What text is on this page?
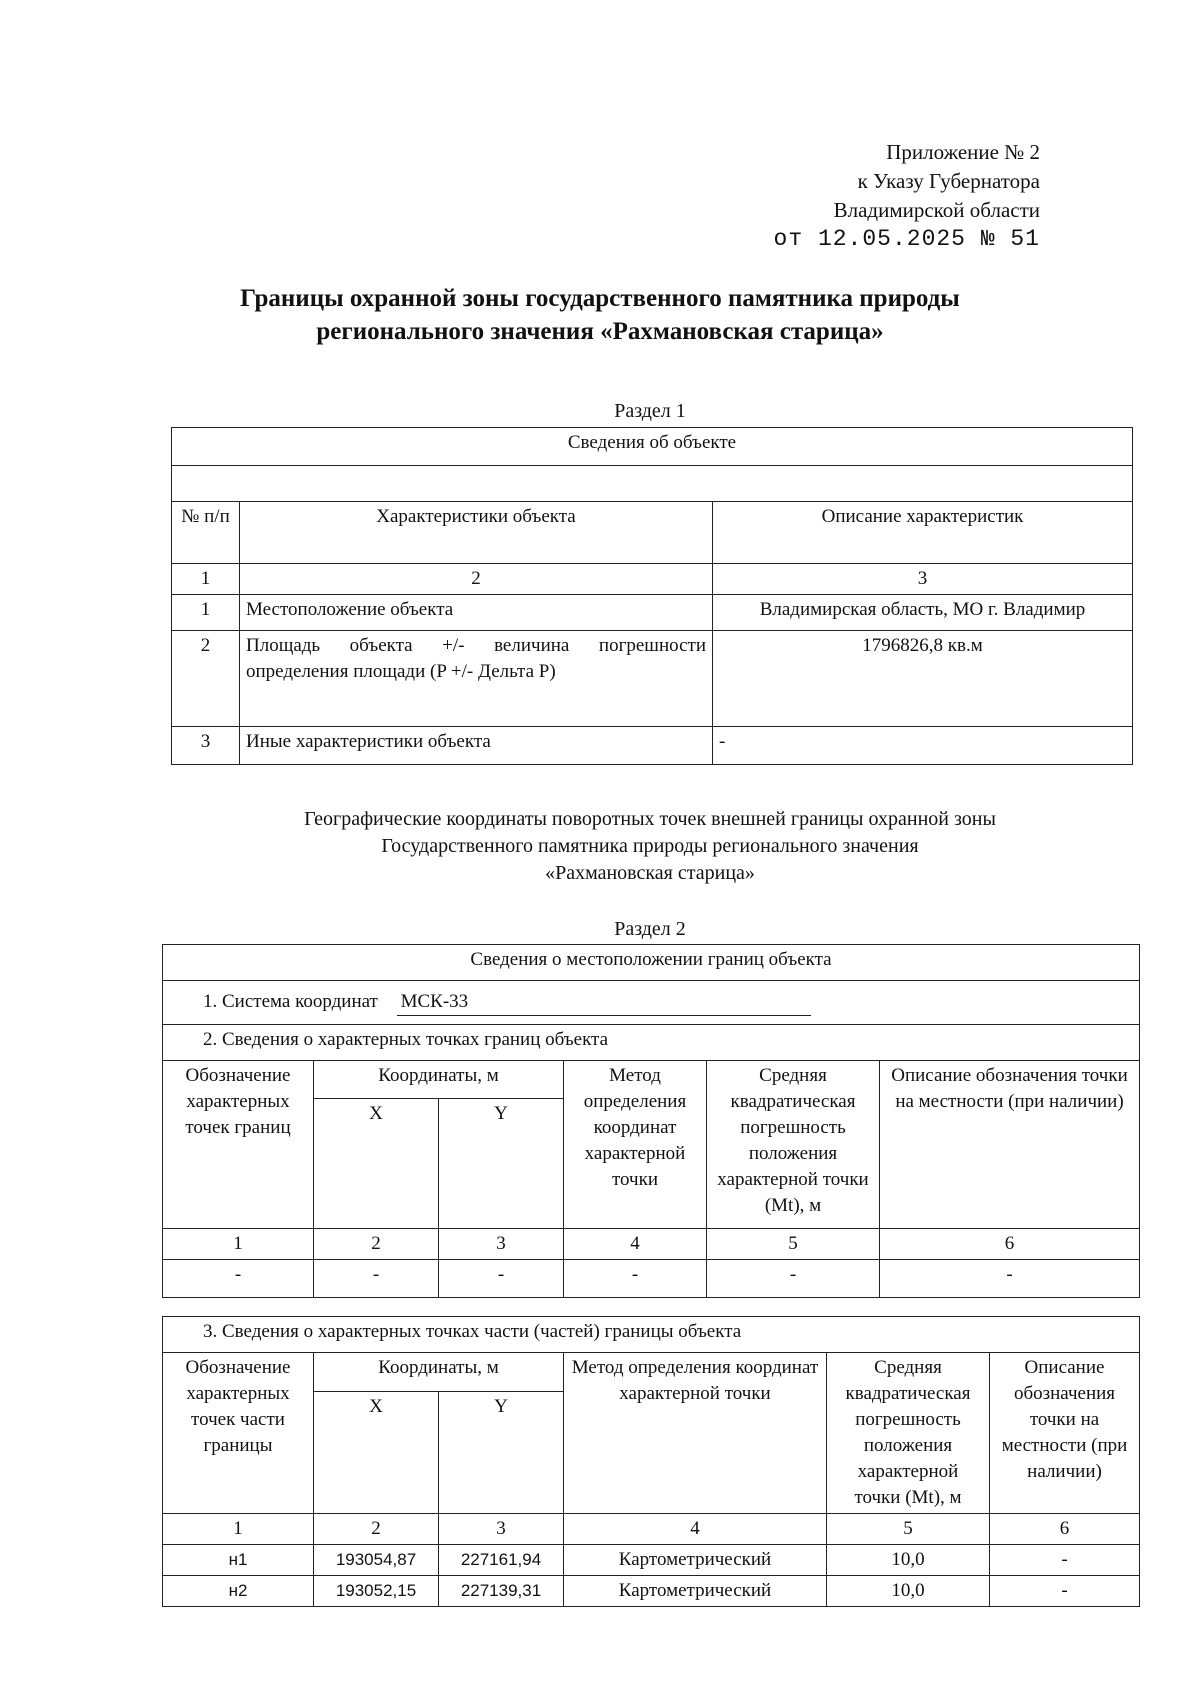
Приложение № 2
к Указу Губернатора
Владимирской области
от 12.05.2025 № 51
Границы охранной зоны государственного памятника природы
регионального значения «Рахмановская старица»
Раздел 1
Сведения об объекте		

№ п/п	Характеристики объекта	Описание характеристик
1	2	3
1	Местоположение объекта	Владимирская область, МО г. Владимир
2	Площадь объекта +/- величина погрешности определения площади (P +/- Дельта P)	1796826,8 кв.м
3	Иные характеристики объекта	-
Географические координаты поворотных точек внешней границы охранной зоны
Государственного памятника природы регионального значения
«Рахмановская старица»
Раздел 2
Сведения о местоположении границ объекта					
1. Система координат МСК-33					
2. Сведения о характерных точках границ объекта					
Обозначение характерных точек границ	Координаты, м		Метод определения координат характерной точки	Средняя квадратическая погрешность положения характерной точки (Mt), м	Описание обозначения точки на местности (при наличии)
	X	Y			
1	2	3	4	5	6
-	-	-	-	-	-
3. Сведения о характерных точках части (частей) границы объекта					
Обозначение характерных точек части границы	Координаты, м		Метод определения координат характерной точки	Средняя квадратическая погрешность положения характерной точки (Mt), м	Описание обозначения точки на местности (при наличии)
	X	Y			
1	2	3	4	5	6
н1	193054,87	227161,94	Картометрический	10,0	-
н2	193052,15	227139,31	Картометрический	10,0	-
